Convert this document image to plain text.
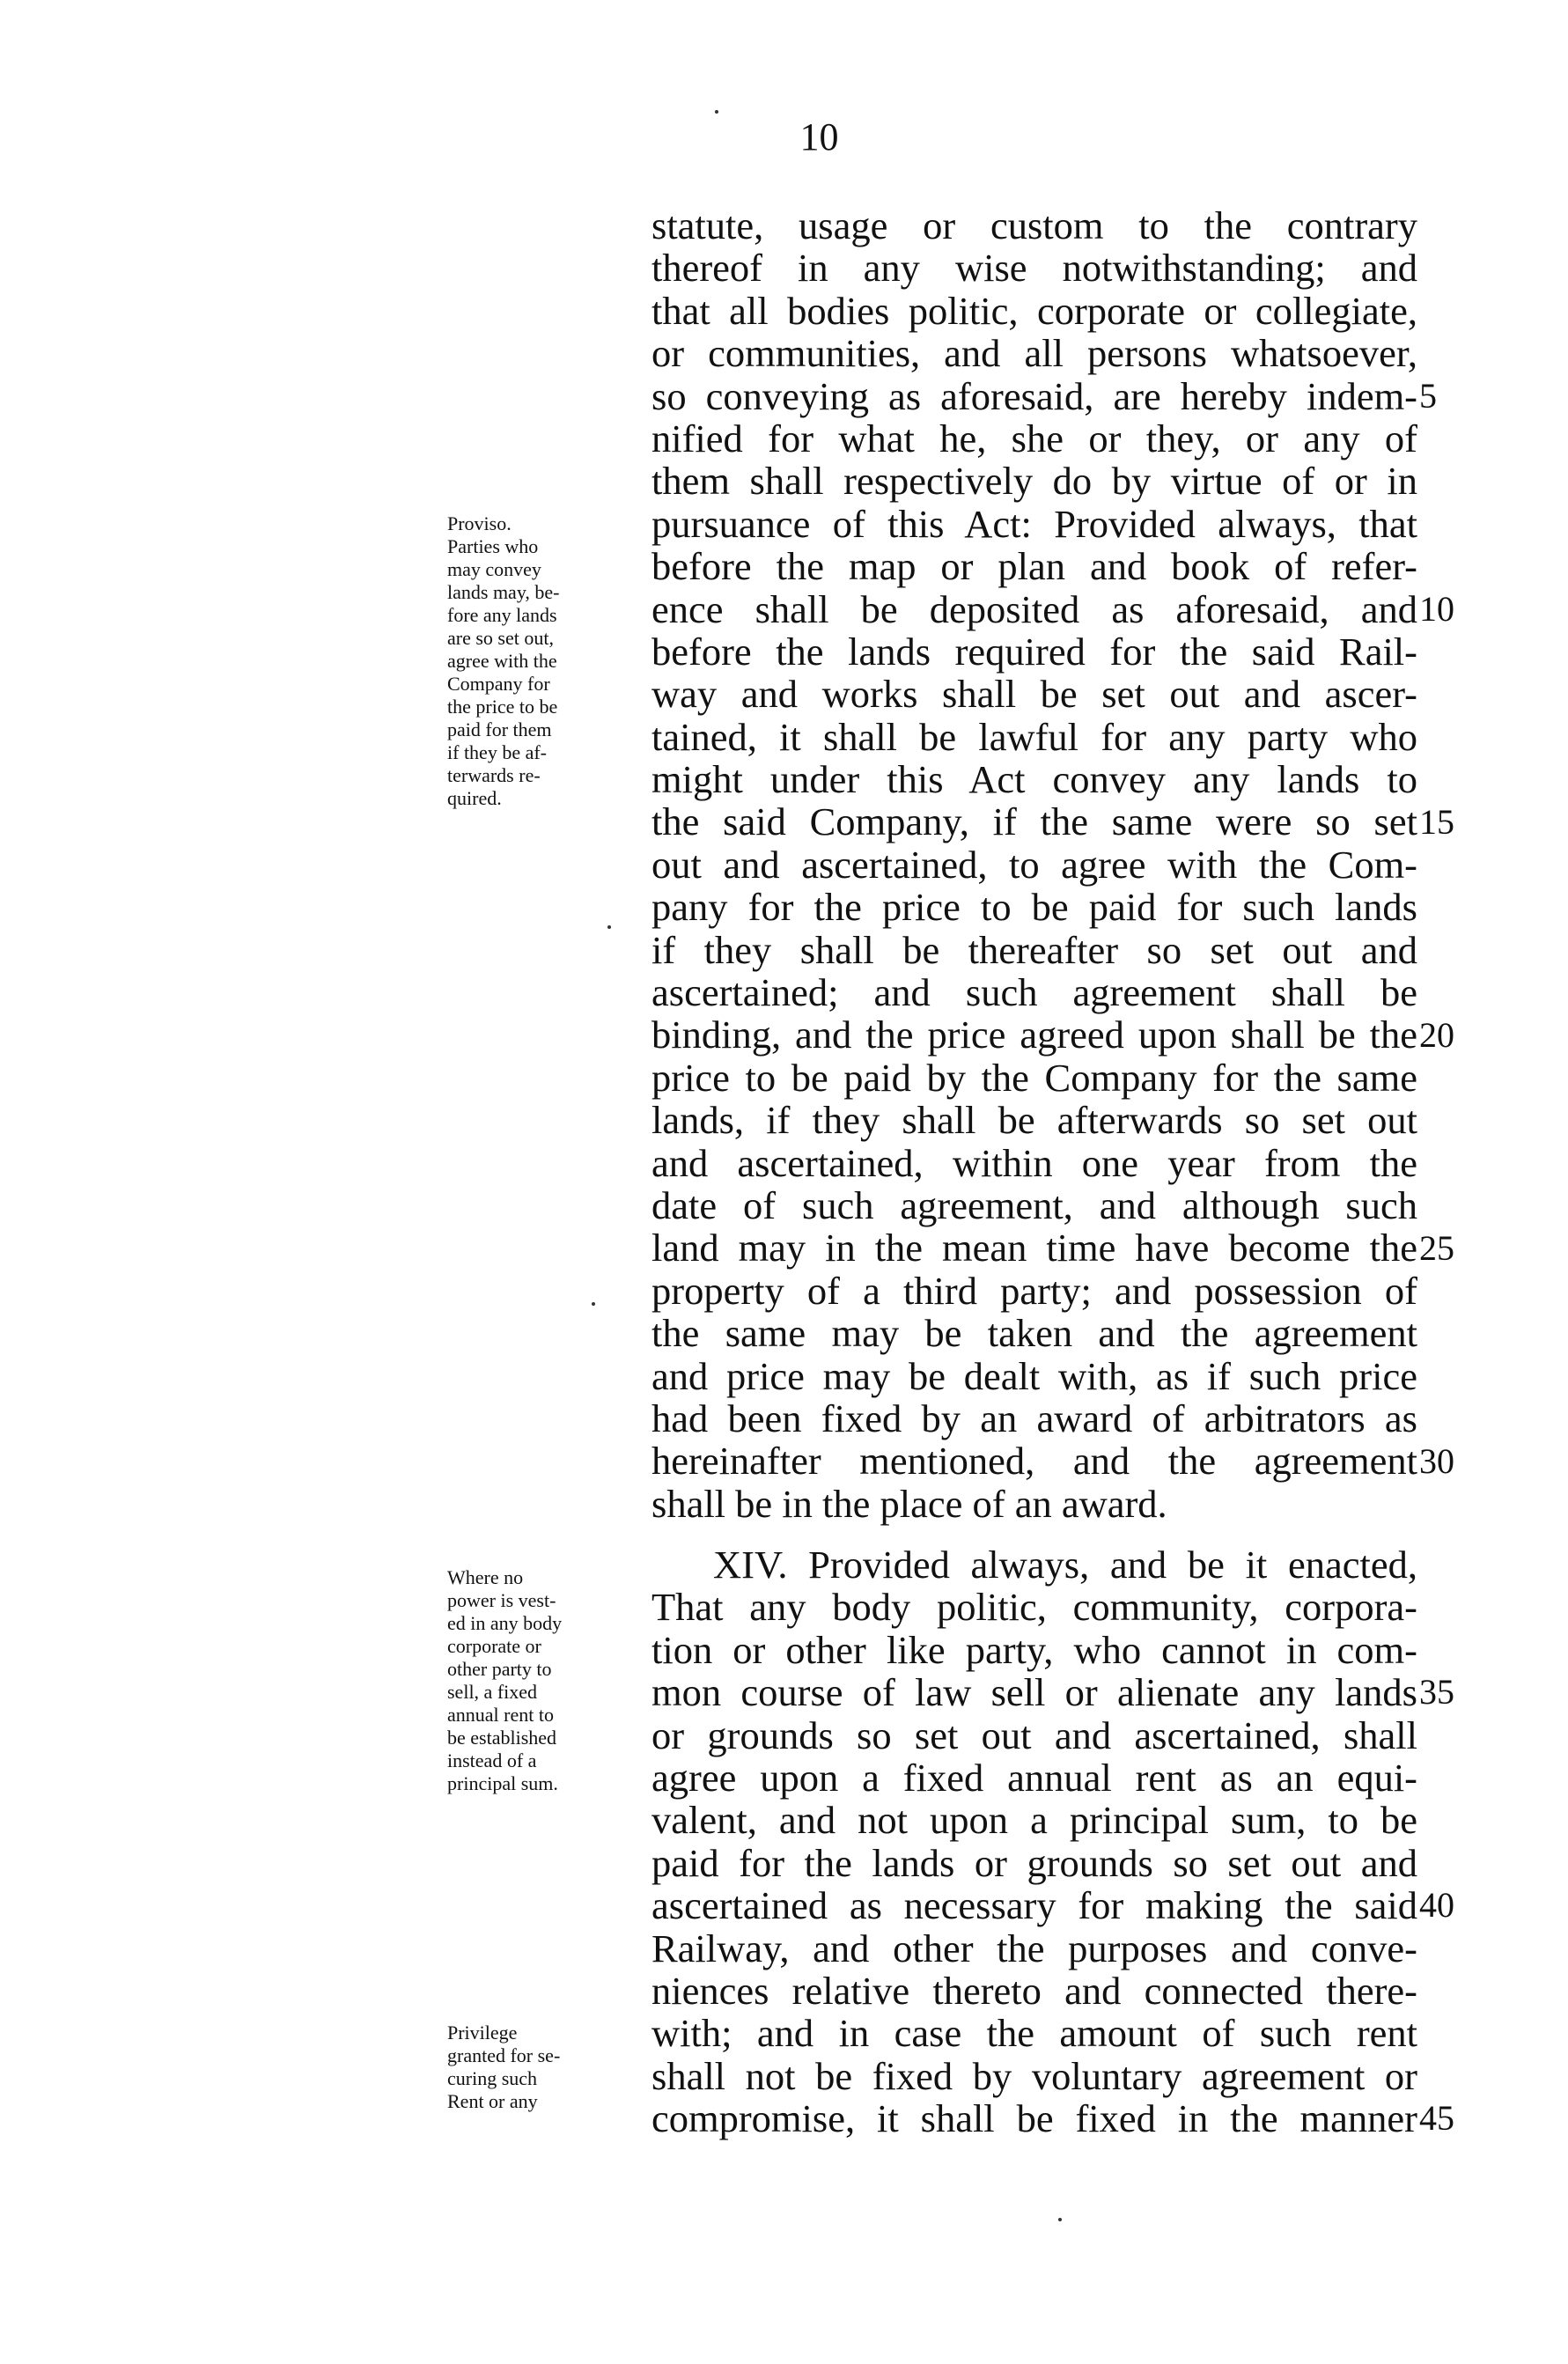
10
statute, usage or custom to the contrary
thereof in any wise notwithstanding; and
that all bodies politic, corporate or collegiate,
or communities, and all persons whatsoever,
so conveying as aforesaid, are hereby indem-
nified for what he, she or they, or any of
them shall respectively do by virtue of or in
pursuance of this Act: Provided always, that
before the map or plan and book of refer-
ence shall be deposited as aforesaid, and
before the lands required for the said Rail-
way and works shall be set out and ascer-
tained, it shall be lawful for any party who
might under this Act convey any lands to
the said Company, if the same were so set
out and ascertained, to agree with the Com-
pany for the price to be paid for such lands
if they shall be thereafter so set out and
ascertained; and such agreement shall be
binding, and the price agreed upon shall be the
price to be paid by the Company for the same
lands, if they shall be afterwards so set out
and ascertained, within one year from the
date of such agreement, and although such
land may in the mean time have become the
property of a third party; and possession of
the same may be taken and the agreement
and price may be dealt with, as if such price
had been fixed by an award of arbitrators as
hereinafter mentioned, and the agreement
shall be in the place of an award.
XIV. Provided always, and be it enacted,
That any body politic, community, corpora-
tion or other like party, who cannot in com-
mon course of law sell or alienate any lands
or grounds so set out and ascertained, shall
agree upon a fixed annual rent as an equi-
valent, and not upon a principal sum, to be
paid for the lands or grounds so set out and
ascertained as necessary for making the said
Railway, and other the purposes and conve-
niences relative thereto and connected there-
with; and in case the amount of such rent
shall not be fixed by voluntary agreement or
compromise, it shall be fixed in the manner
5
10
15
20
25
30
35
40
45
Proviso.
Parties who
may convey
lands may, be-
fore any lands
are so set out,
agree with the
Company for
the price to be
paid for them
if they be af-
terwards re-
quired.
Where no
power is vest-
ed in any body
corporate or
other party to
sell, a fixed
annual rent to
be established
instead of a
principal sum.
Privilege
granted for se-
curing such
Rent or any
